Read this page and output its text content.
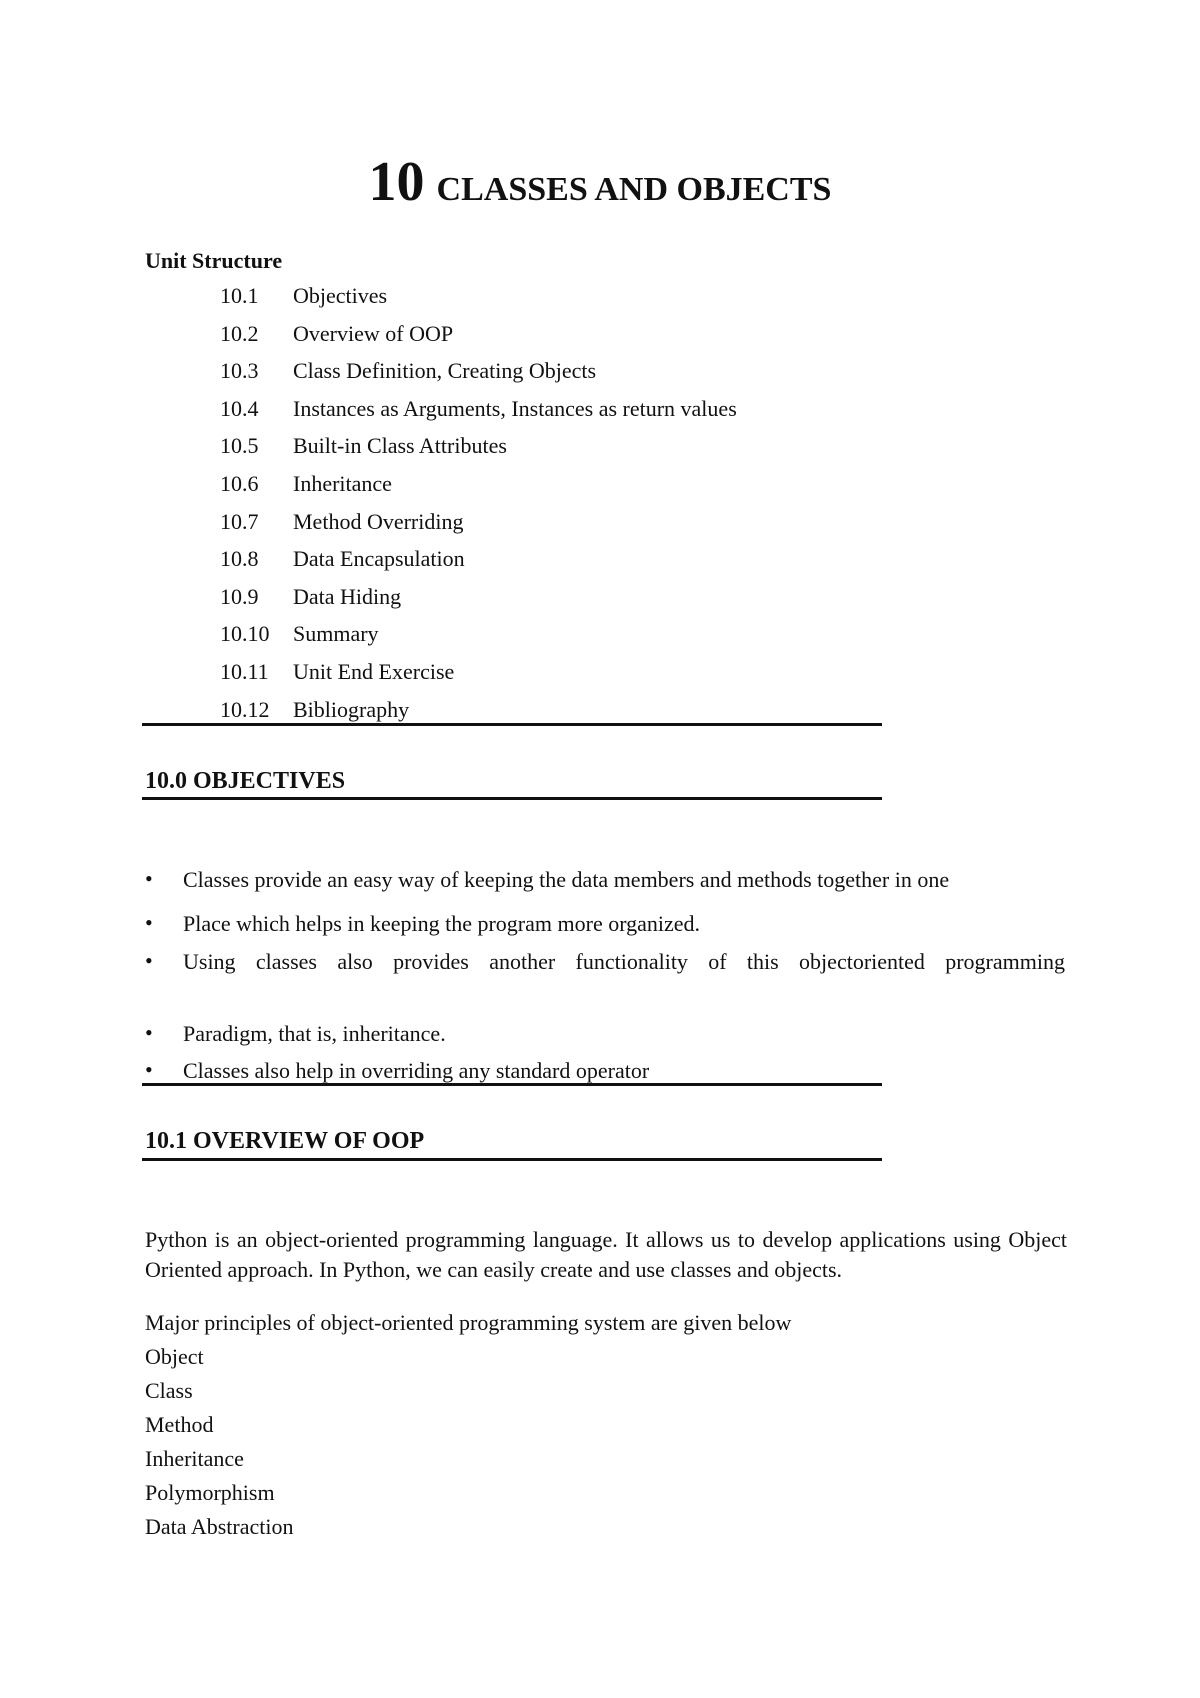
10 CLASSES AND OBJECTS
Unit Structure
10.1 Objectives
10.2 Overview of OOP
10.3 Class Definition, Creating Objects
10.4 Instances as Arguments, Instances as return values
10.5 Built-in Class Attributes
10.6 Inheritance
10.7 Method Overriding
10.8 Data Encapsulation
10.9 Data Hiding
10.10 Summary
10.11 Unit End Exercise
10.12 Bibliography
10.0 OBJECTIVES
• Classes provide an easy way of keeping the data members and methods together in one
• Place which helps in keeping the program more organized.
• Using classes also provides another functionality of this objectoriented programming
• Paradigm, that is, inheritance.
• Classes also help in overriding any standard operator
10.1 OVERVIEW OF OOP
Python is an object-oriented programming language. It allows us to develop applications using Object Oriented approach. In Python, we can easily create and use classes and objects.
Major principles of object-oriented programming system are given below
Object
Class
Method
Inheritance
Polymorphism
Data Abstraction
